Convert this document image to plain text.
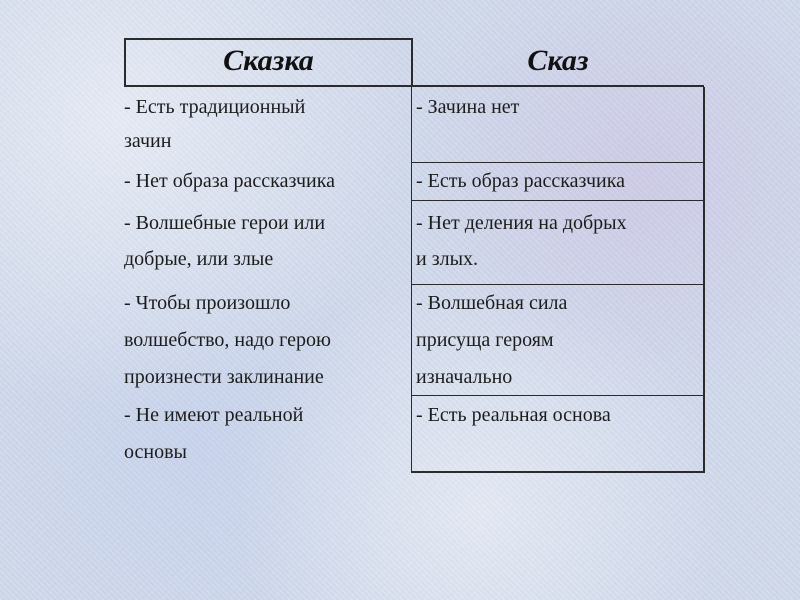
Сказка	Сказ
- Есть традиционный
зачин
- Зачина нет
- Нет образа рассказчика	- Есть образ рассказчика
- Волшебные герои или
добрые, или злые
- Нет деления на добрых
и злых.
- Чтобы произошло
волшебство, надо герою
произнести заклинание
- Волшебная сила
присуща героям
изначально
- Не имеют реальной
основы
- Есть реальная основа
